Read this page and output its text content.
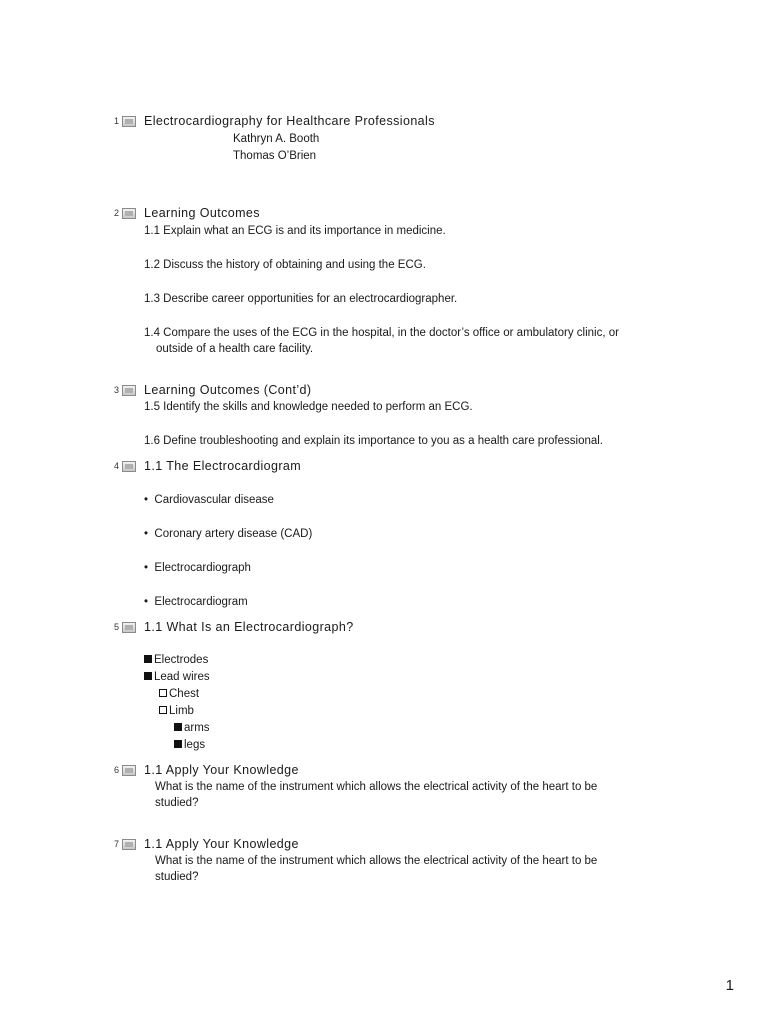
1 Electrocardiography for Healthcare Professionals
Kathryn A. Booth
Thomas O’Brien
2 Learning Outcomes
1.1 Explain what an ECG is and its importance in medicine.
1.2 Discuss the history of obtaining and using the ECG.
1.3 Describe career opportunities for an electrocardiographer.
1.4 Compare the uses of the ECG in the hospital, in the doctor’s office or ambulatory clinic, or
outside of a health care facility.
3 Learning Outcomes (Cont’d)
1.5 Identify the skills and knowledge needed to perform an ECG.
1.6 Define troubleshooting and explain its importance to you as a health care professional.
4 1.1 The Electrocardiogram
• Cardiovascular disease
• Coronary artery disease (CAD)
• Electrocardiograph
• Electrocardiogram
5 1.1 What Is an Electrocardiograph?
Electrodes
Lead wires
Chest
Limb
arms
legs
6 1.1 Apply Your Knowledge
What is the name of the instrument which allows the electrical activity of the heart to be
studied?
7 1.1 Apply Your Knowledge
What is the name of the instrument which allows the electrical activity of the heart to be
studied?
1
